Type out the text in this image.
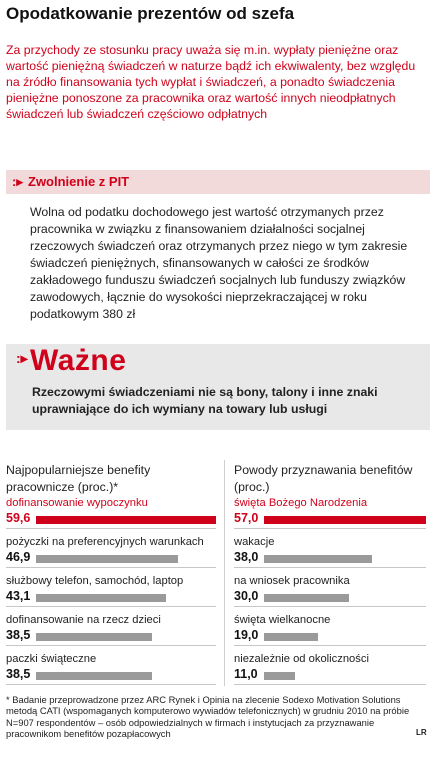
Opodatkowanie prezentów od szefa
Za przychody ze stosunku pracy uważa się m.in. wypłaty pieniężne oraz wartość pieniężną świadczeń w naturze bądź ich ekwiwalenty, bez względu na źródło finansowania tych wypłat i świadczeń, a ponadto świadczenia pieniężne ponoszone za pracownika oraz wartość innych nieodpłatnych świadczeń lub świadczeń częściowo odpłatnych
:▸ Zwolnienie z PIT
Wolna od podatku dochodowego jest wartość otrzymanych przez pracownika w związku z finansowaniem działalności socjalnej rzeczowych świadczeń oraz otrzymanych przez niego w tym zakresie świadczeń pieniężnych, sfinansowanych w całości ze środków zakładowego funduszu świadczeń socjalnych lub funduszy związków zawodowych, łącznie do wysokości nieprzekraczającej w roku podatkowym 380 zł
:▸ Ważne
Rzeczowymi świadczeniami nie są bony, talony i inne znaki uprawniające do ich wymiany na towary lub usługi
Najpopularniejsze benefity pracownicze (proc.)*
Powody przyznawania benefitów (proc.)
dofinansowanie wypoczynku
59,6
pożyczki na preferencyjnych warunkach
46,9
służbowy telefon, samochód, laptop
43,1
dofinansowanie na rzecz dzieci
38,5
paczki świąteczne
38,5
święta Bożego Narodzenia
57,0
wakacje
38,0
na wniosek pracownika
30,0
święta wielkanocne
19,0
niezależnie od okoliczności
11,0
* Badanie przeprowadzone przez ARC Rynek i Opinia na zlecenie Sodexo Motivation Solutions metodą CATI (wspomaganych komputerowo wywiadów telefonicznych) w grudniu 2010 na próbie N=907 respondentów – osób odpowiedzialnych w firmach i instytucjach za przyznawanie pracownikom benefitów pozapłacowych	LR
